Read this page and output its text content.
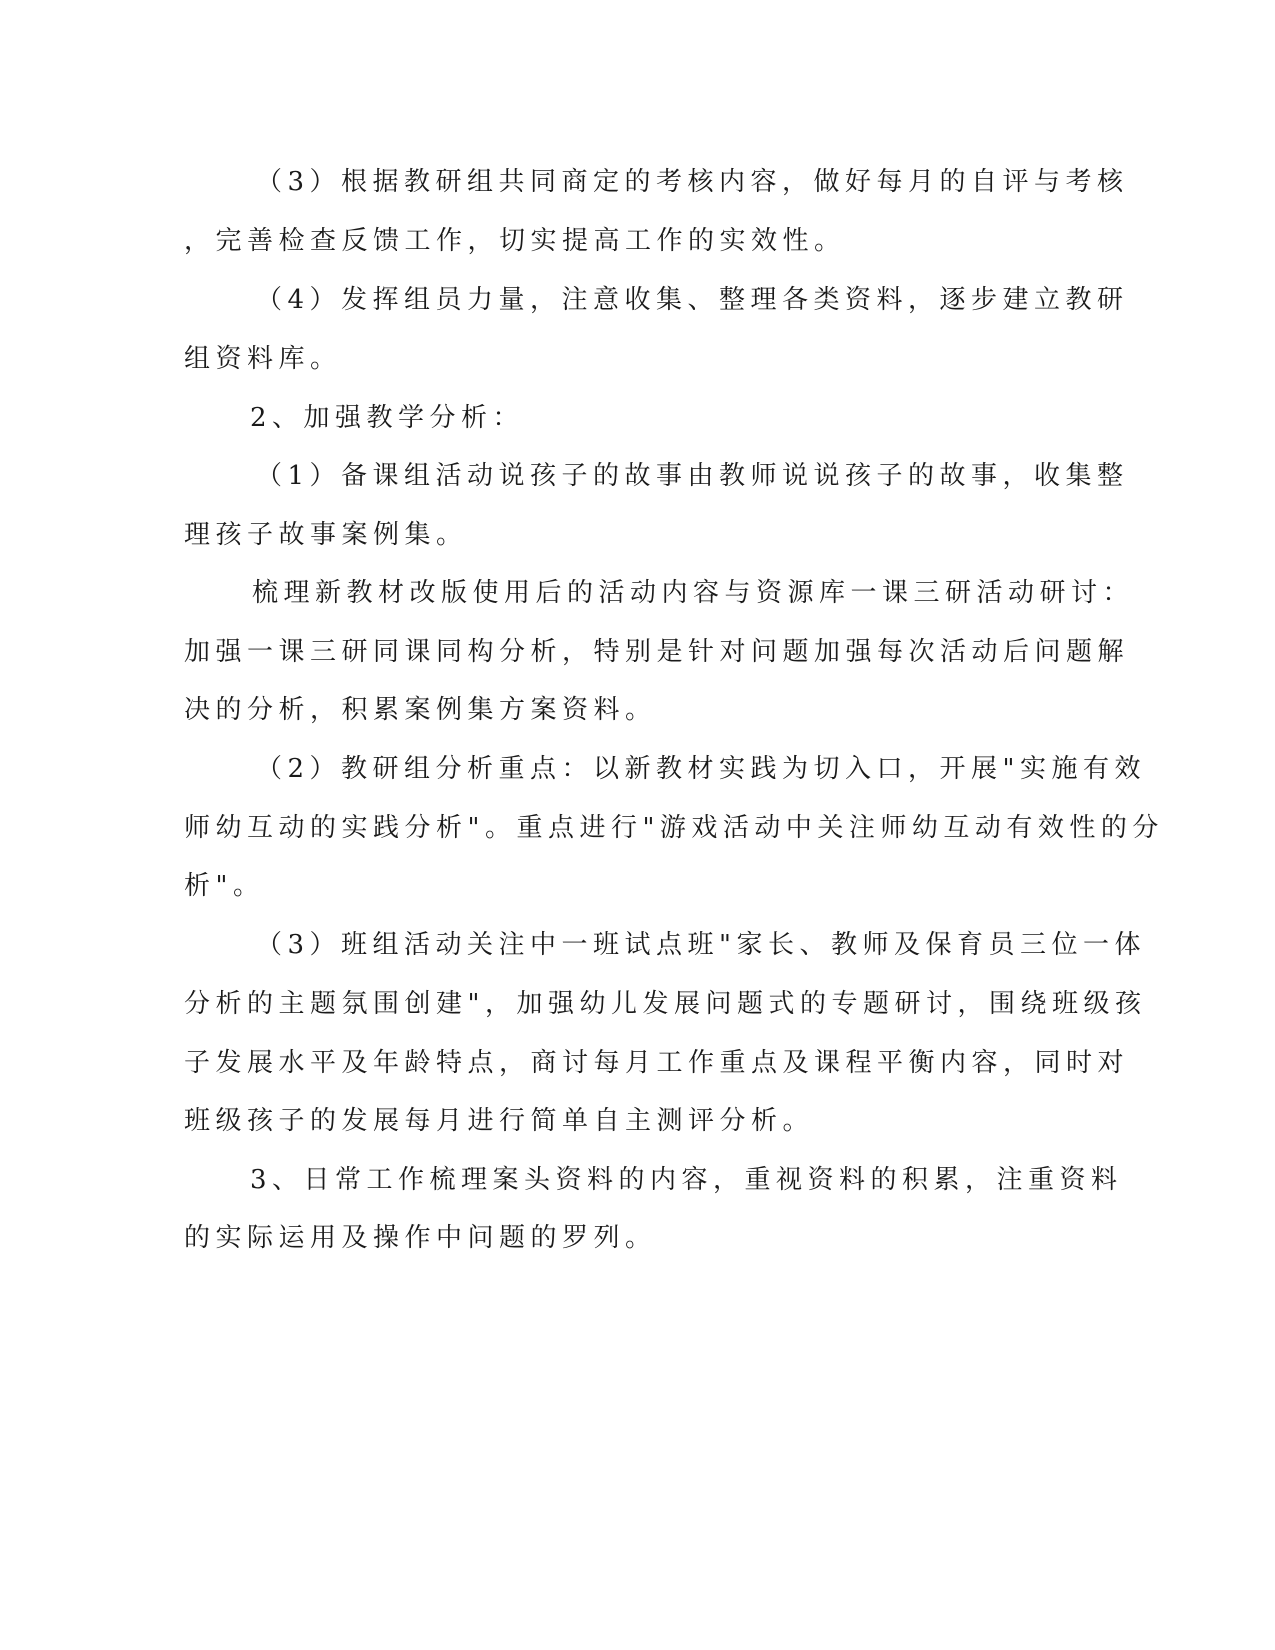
（3）根据教研组共同商定的考核内容，做好每月的自评与考核
，完善检查反馈工作，切实提高工作的实效性。
（4）发挥组员力量，注意收集、整理各类资料，逐步建立教研
组资料库。
2、加强教学分析：
（1）备课组活动说孩子的故事由教师说说孩子的故事，收集整
理孩子故事案例集。
梳理新教材改版使用后的活动内容与资源库一课三研活动研讨：
加强一课三研同课同构分析，特别是针对问题加强每次活动后问题解
决的分析，积累案例集方案资料。
（2）教研组分析重点：以新教材实践为切入口，开展"实施有效
师幼互动的实践分析"。重点进行"游戏活动中关注师幼互动有效性的分
析"。
（3）班组活动关注中一班试点班"家长、教师及保育员三位一体
分析的主题氛围创建"，加强幼儿发展问题式的专题研讨，围绕班级孩
子发展水平及年龄特点，商讨每月工作重点及课程平衡内容，同时对
班级孩子的发展每月进行简单自主测评分析。
3、日常工作梳理案头资料的内容，重视资料的积累，注重资料
的实际运用及操作中问题的罗列。
